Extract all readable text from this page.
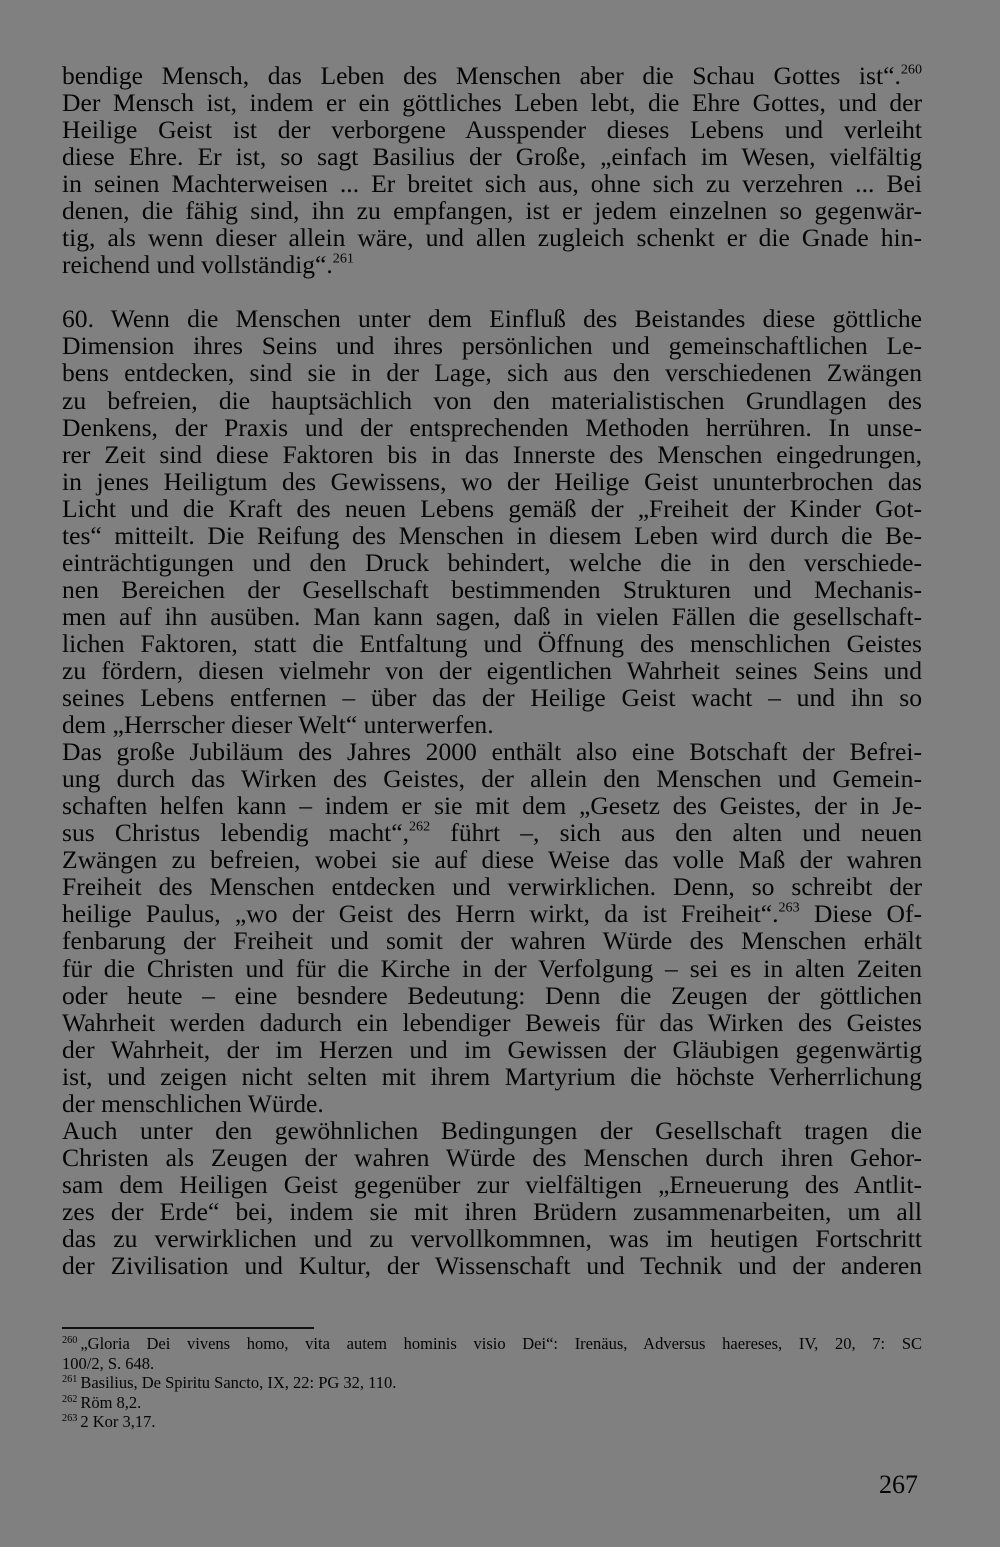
bendige Mensch, das Leben des Menschen aber die Schau Gottes ist“.$^{260}$
Der Mensch ist, indem er ein göttliches Leben lebt, die Ehre Gottes, und der
Heilige Geist ist der verborgene Ausspender dieses Lebens und verleiht
diese Ehre. Er ist, so sagt Basilius der Große, „einfach im Wesen, vielfältig
in seinen Machterweisen ... Er breitet sich aus, ohne sich zu verzehren ... Bei
denen, die fähig sind, ihn zu empfangen, ist er jedem einzelnen so gegenwär-
tig, als wenn dieser allein wäre, und allen zugleich schenkt er die Gnade hin-
reichend und vollständig“.$^{261}$
60. Wenn die Menschen unter dem Einfluß des Beistandes diese göttliche
Dimension ihres Seins und ihres persönlichen und gemeinschaftlichen Le-
bens entdecken, sind sie in der Lage, sich aus den verschiedenen Zwängen
zu befreien, die hauptsächlich von den materialistischen Grundlagen des
Denkens, der Praxis und der entsprechenden Methoden herrühren. In unse-
rer Zeit sind diese Faktoren bis in das Innerste des Menschen eingedrungen,
in jenes Heiligtum des Gewissens, wo der Heilige Geist ununterbrochen das
Licht und die Kraft des neuen Lebens gemäß der „Freiheit der Kinder Got-
tes“ mitteilt. Die Reifung des Menschen in diesem Leben wird durch die Be-
einträchtigungen und den Druck behindert, welche die in den verschiede-
nen Bereichen der Gesellschaft bestimmenden Strukturen und Mechanis-
men auf ihn ausüben. Man kann sagen, daß in vielen Fällen die gesellschaft-
lichen Faktoren, statt die Entfaltung und Öffnung des menschlichen Geistes
zu fördern, diesen vielmehr von der eigentlichen Wahrheit seines Seins und
seines Lebens entfernen – über das der Heilige Geist wacht – und ihn so
dem „Herrscher dieser Welt“ unterwerfen.
Das große Jubiläum des Jahres 2000 enthält also eine Botschaft der Befrei-
ung durch das Wirken des Geistes, der allein den Menschen und Gemein-
schaften helfen kann – indem er sie mit dem „Gesetz des Geistes, der in Je-
sus Christus lebendig macht“,$^{262}$ führt –, sich aus den alten und neuen
Zwängen zu befreien, wobei sie auf diese Weise das volle Maß der wahren
Freiheit des Menschen entdecken und verwirklichen. Denn, so schreibt der
heilige Paulus, „wo der Geist des Herrn wirkt, da ist Freiheit“.$^{263}$ Diese Of-
fenbarung der Freiheit und somit der wahren Würde des Menschen erhält
für die Christen und für die Kirche in der Verfolgung – sei es in alten Zeiten
oder heute – eine besndere Bedeutung: Denn die Zeugen der göttlichen
Wahrheit werden dadurch ein lebendiger Beweis für das Wirken des Geistes
der Wahrheit, der im Herzen und im Gewissen der Gläubigen gegenwärtig
ist, und zeigen nicht selten mit ihrem Martyrium die höchste Verherrlichung
der menschlichen Würde.
Auch unter den gewöhnlichen Bedingungen der Gesellschaft tragen die
Christen als Zeugen der wahren Würde des Menschen durch ihren Gehor-
sam dem Heiligen Geist gegenüber zur vielfältigen „Erneuerung des Antlit-
zes der Erde“ bei, indem sie mit ihren Brüdern zusammenarbeiten, um all
das zu verwirklichen und zu vervollkommnen, was im heutigen Fortschritt
der Zivilisation und Kultur, der Wissenschaft und Technik und der anderen
$^{260}$ „Gloria Dei vivens homo, vita autem hominis visio Dei“: Irenäus, Adversus haereses, IV, 20, 7: SC
100/2, S. 648.
$^{261}$ Basilius, De Spiritu Sancto, IX, 22: PG 32, 110.
$^{262}$ Röm 8,2.
$^{263}$ 2 Kor 3,17.
267
